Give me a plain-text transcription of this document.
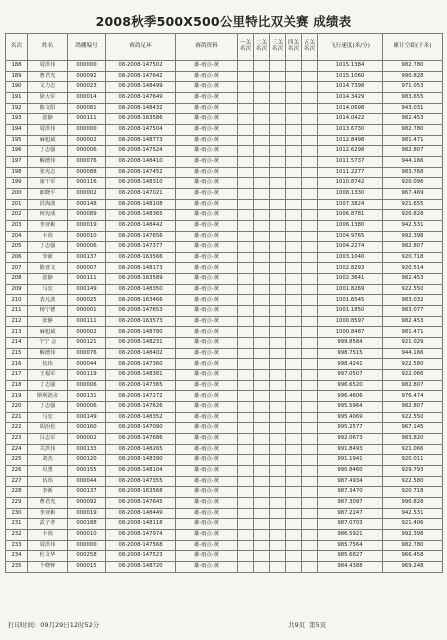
2008秋季500X500公里特比双关赛 成绩表
名次	姓名	鸽棚编号	赛鸽足环	赛鸽资料	一关名次	二关名次	三关名次	四关名次	五关名次	飞行速度(米/分)	累计空距(千米)
188	周洪伟	000000	08-2008-147502	雄-雨点-黄						1015.1384	982.780
189	曹君光	000092	08-2008-147642	雄-雨点-黄						1015.1060	990.828
190	文力志	000023	08-2008-148499	雄-雨点-黄						1014.7398	971.053
191	徐大军	000014	08-2008-147649	雄-雨点-黄						1014.3429	983.655
192	陈文阳	000081	08-2008-148432	雄-雨点-黄						1014.0698	943.031
193	张静	000111	08-2008-163586	雄-雨点-黄						1014.0422	982.453
194	周洪伟	000000	08-2008-147504	雄-雨点-黄						1013.6730	982.780
195	麻旭斌	000002	08-2008-148773	雄-雨点-黄						1012.8498	981.471
196	丁志强	000006	08-2008-147524	雄-雨点-黄						1012.6298	982.807
197	解德伟	000076	08-2008-148410	雄-雨点-黄						1011.5737	944.166
198	张宪志	000088	08-2008-147452	雄-雨点-黄						1011.2277	983.768
199	康干军	000116	08-2008-148310	雄-雨点-黄						1010.8742	920.096
200	郎晓平	000002	08-2008-147021	雄-雨点-黄						1008.1330	967.469
201	洪海波	000148	08-2008-148108	雄-雨点-黄						1007.3824	921.655
202	何宪成	000089	08-2008-148365	雄-雨点-黄						1006.8781	920.828
203	李亚彬	000019	08-2008-148442	雄-雨点-黄						1006.1380	942.531
204	卡尚	000010	08-2008-147656	雄-雨点-黄						1004.9765	992.398
205	丁志强	000006	08-2008-147377	雄-雨点-黄						1004.2274	982.807
206	李新	000137	08-2008-163566	雄-雨点-黄						1003.1040	920.718
207	陈亚文	000007	08-2008-148173	雄-雨点-黄						1002.8293	920.514
208	张静	000111	08-2008-163589	雄-雨点-黄						1002.3641	982.453
209	马宏	000149	08-2008-148350	雄-雨点-黄						1001.8269	922.550
210	表凡波	000025	08-2008-163466	雄-雨点-黄						1001.6545	983.032
211	杨宁德	000001	08-2008-147653	雄-雨点-黄						1001.1850	983.077
212	张静	000111	08-2008-163573	雄-雨点-黄						1000.8597	982.453
213	麻旭斌	000002	08-2008-148780	雄-雨点-黄						1000.8487	981.471
214	个宁 会	000121	08-2008-148231	雄-雨点-黄						999.8584	921.029
215	解德伟	000076	08-2008-148402	雄-雨点-黄						998.7515	944.166
216	伍玮	000044	08-2008-147360	雄-雨点-黄						998.4241	922.580
217	王福军	000119	08-2008-148381	雄-雨点-黄						997.0507	922.066
218	丁志强	000006	08-2008-147365	雄-雨点-黄						996.6520	982.807
219	斯利鸽舍	000131	08-2008-147272	雄-雨点-黄						996.4606	976.474
220	丁志强	000006	08-2008-147626	雄-雨点-黄						995.5964	982.807
221	马宏	000149	08-2008-148352	雄-雨点-黄						995.4069	922.550
222	胡治松	000160	08-2008-147090	雄-雨点-黄						995.2577	967.145
223	吕志军	000002	08-2008-147686	雄-雨点-黄						992.0673	983.820
224	关洪伟	000133	08-2008-148265	雄-雨点-黄						991.8493	921.066
225	刘杰	000120	08-2008-148390	雄-雨点-黄						991.1941	920.011
226	贝勇	000155	08-2008-148104	雄-雨点-黄						990.8460	929.793
227	伍玮	000044	08-2008-147355	雄-雨点-黄						987.4934	922.580
228	李新	000137	08-2008-163568	雄-雨点-黄						987.3470	920.718
229	曹君光	000092	08-2008-147645	雄-雨点-黄						987.3097	990.828
230	李亚彬	000019	08-2008-148449	雄-雨点-黄						987.2247	942.531
231	武子孝	000188	08-2008-148118	雄-雨点-黄						987.0703	921.406
232	卡尚	000010	08-2008-147974	雄-雨点-黄						986.5921	992.398
233	周洪伟	000000	08-2008-147568	雄-雨点-黄						985.7564	982.780
234	杜文华	000258	08-2008-147523	雄-雨点-黄						985.6827	966.458
235	个晓钟	000015	08-2008-148720	雄-雨点-黄						984.4388	969.248
打印时间: 09月29日12时52分	共9页 第5页
